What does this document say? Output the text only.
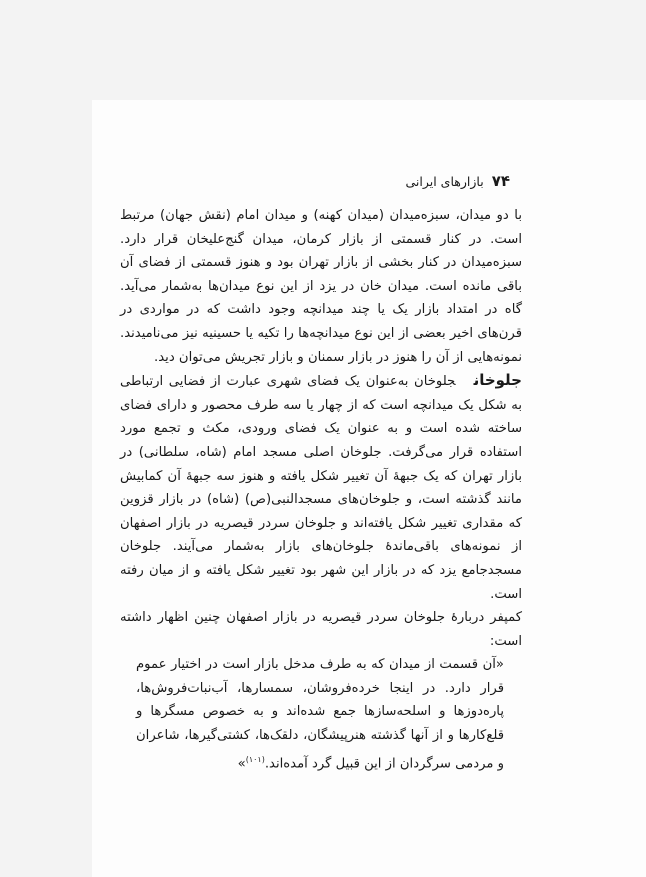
۷۴
بازارهای ایرانی

با دو میدان، سبزه‌میدان (میدان کهنه) و میدان امام (نقش جهان) مرتبط است. در کنار قسمتی از بازار کرمان، میدان گنج‌علیخان قرار دارد. سبزه‌میدان در کنار بخشی از بازار تهران بود و هنوز قسمتی از فضای آن باقی مانده است. میدان خان در یزد از این نوع میدان‌ها به‌شمار می‌آید. گاه در امتداد بازار یک یا چند میدانچه وجود داشت که در مواردی در قرن‌های اخیر بعضی از این نوع میدانچه‌ها را تکیه یا حسینیه نیز می‌نامیدند. نمونه‌هایی از آن را هنوز در بازار سمنان و بازار تجریش می‌توان دید.

جلوخانجلوخان به‌عنوان یک فضای شهری عبارت از فضایی ارتباطی به شکل یک میدانچه است که از چهار یا سه طرف محصور و دارای فضای ساخته شده است و به عنوان یک فضای ورودی، مکث و تجمع مورد استفاده قرار می‌گرفت. جلوخان اصلی مسجد امام (شاه، سلطانی) در بازار تهران که یک جبههٔ آن تغییر شکل یافته و هنوز سه جبههٔ آن کمابیش مانند گذشته است، و جلوخان‌های مسجدالنبی(ص) (شاه) در بازار قزوین که مقداری تغییر شکل یافته‌اند و جلوخان سردر قیصریه در بازار اصفهان از نمونه‌های باقی‌ماندهٔ جلوخان‌های بازار به‌شمار می‌آیند. جلوخان مسجدجامع یزد که در بازار این شهر بود تغییر شکل یافته و از میان رفته است.

کمپفر دربارهٔ جلوخان سردر قیصریه در بازار اصفهان چنین اظهار داشته است:

«آن قسمت از میدان که به طرف مدخل بازار است در اختیار عموم قرار دارد. در اینجا خرده‌فروشان، سمسارها، آب‌نبات‌فروش‌ها، پاره‌دوزها و اسلحه‌سازها جمع شده‌اند و به خصوص مسگرها و قلع‌کارها و از آنها گذشته هنرپیشگان، دلقک‌ها، کشتی‌گیرها، شاعران و مردمی سرگردان از این قبیل گرد آمده‌اند.$^{(۱۰۱)}$»
